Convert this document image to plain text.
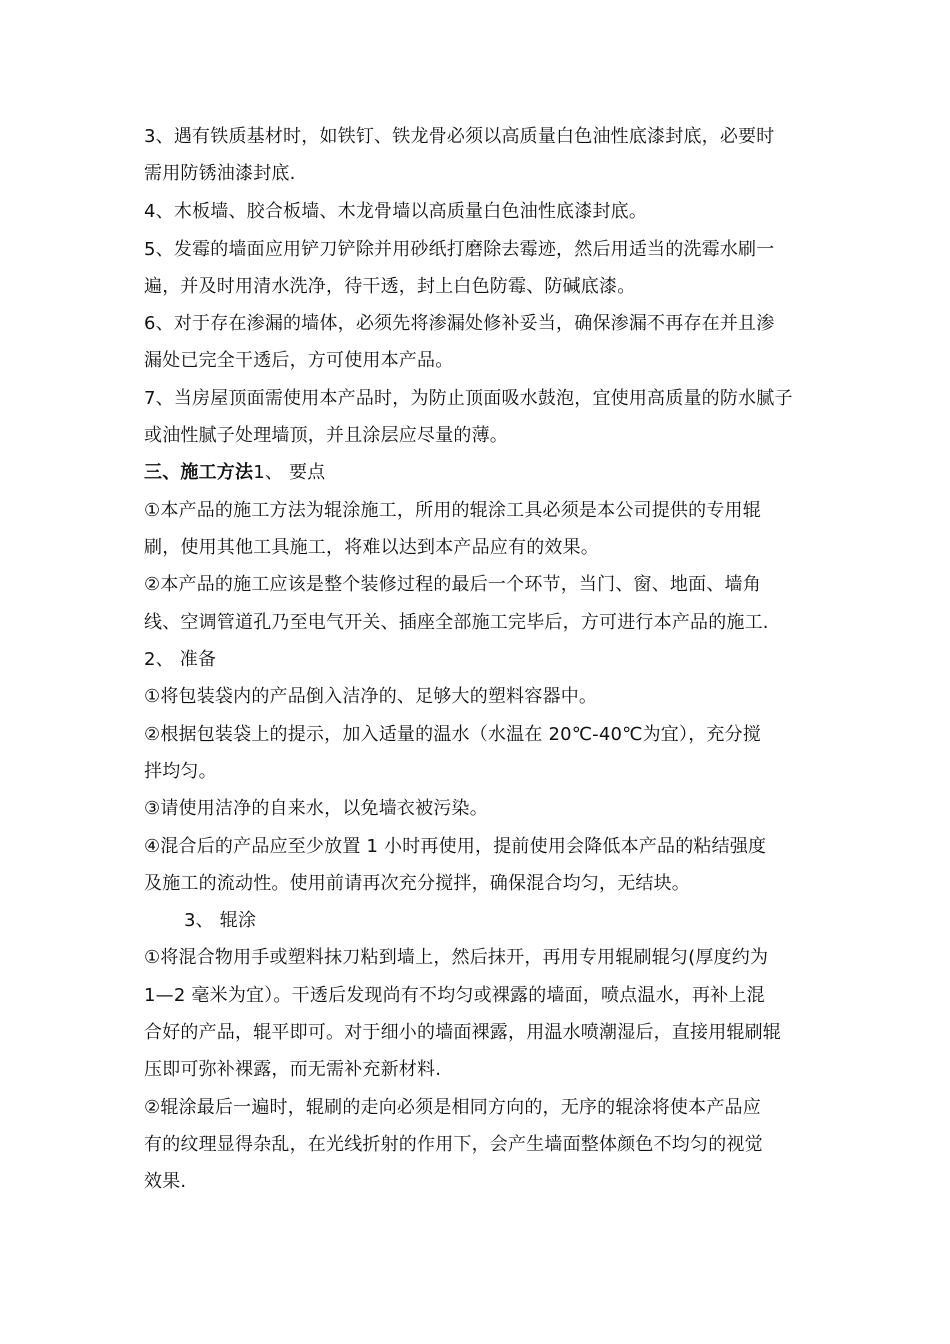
3、遇有铁质基材时，如铁钉、铁龙骨必须以高质量白色油性底漆封底，必要时
需用防锈油漆封底.
4、木板墙、胶合板墙、木龙骨墙以高质量白色油性底漆封底。
5、发霉的墙面应用铲刀铲除并用砂纸打磨除去霉迹，然后用适当的洗霉水刷一
遍，并及时用清水洗净，待干透，封上白色防霉、防碱底漆。
6、对于存在渗漏的墙体，必须先将渗漏处修补妥当，确保渗漏不再存在并且渗
漏处已完全干透后，方可使用本产品。
7、当房屋顶面需使用本产品时，为防止顶面吸水鼓泡，宜使用高质量的防水腻子
或油性腻子处理墙顶，并且涂层应尽量的薄。
三、施工方法1、 要点
①本产品的施工方法为辊涂施工，所用的辊涂工具必须是本公司提供的专用辊
刷，使用其他工具施工，将难以达到本产品应有的效果。
②本产品的施工应该是整个装修过程的最后一个环节，当门、窗、地面、墙角
线、空调管道孔乃至电气开关、插座全部施工完毕后，方可进行本产品的施工.
2、 准备
①将包装袋内的产品倒入洁净的、足够大的塑料容器中。
②根据包装袋上的提示，加入适量的温水（水温在 20℃-40℃为宜），充分搅
拌均匀。
③请使用洁净的自来水，以免墙衣被污染。
④混合后的产品应至少放置 1 小时再使用，提前使用会降低本产品的粘结强度
及施工的流动性。使用前请再次充分搅拌，确保混合均匀，无结块。
3、 辊涂
①将混合物用手或塑料抹刀粘到墙上，然后抹开，再用专用辊刷辊匀(厚度约为
1—2 毫米为宜）。干透后发现尚有不均匀或裸露的墙面，喷点温水，再补上混
合好的产品，辊平即可。对于细小的墙面裸露，用温水喷潮湿后，直接用辊刷辊
压即可弥补裸露，而无需补充新材料.
②辊涂最后一遍时，辊刷的走向必须是相同方向的，无序的辊涂将使本产品应
有的纹理显得杂乱，在光线折射的作用下，会产生墙面整体颜色不均匀的视觉
效果.
